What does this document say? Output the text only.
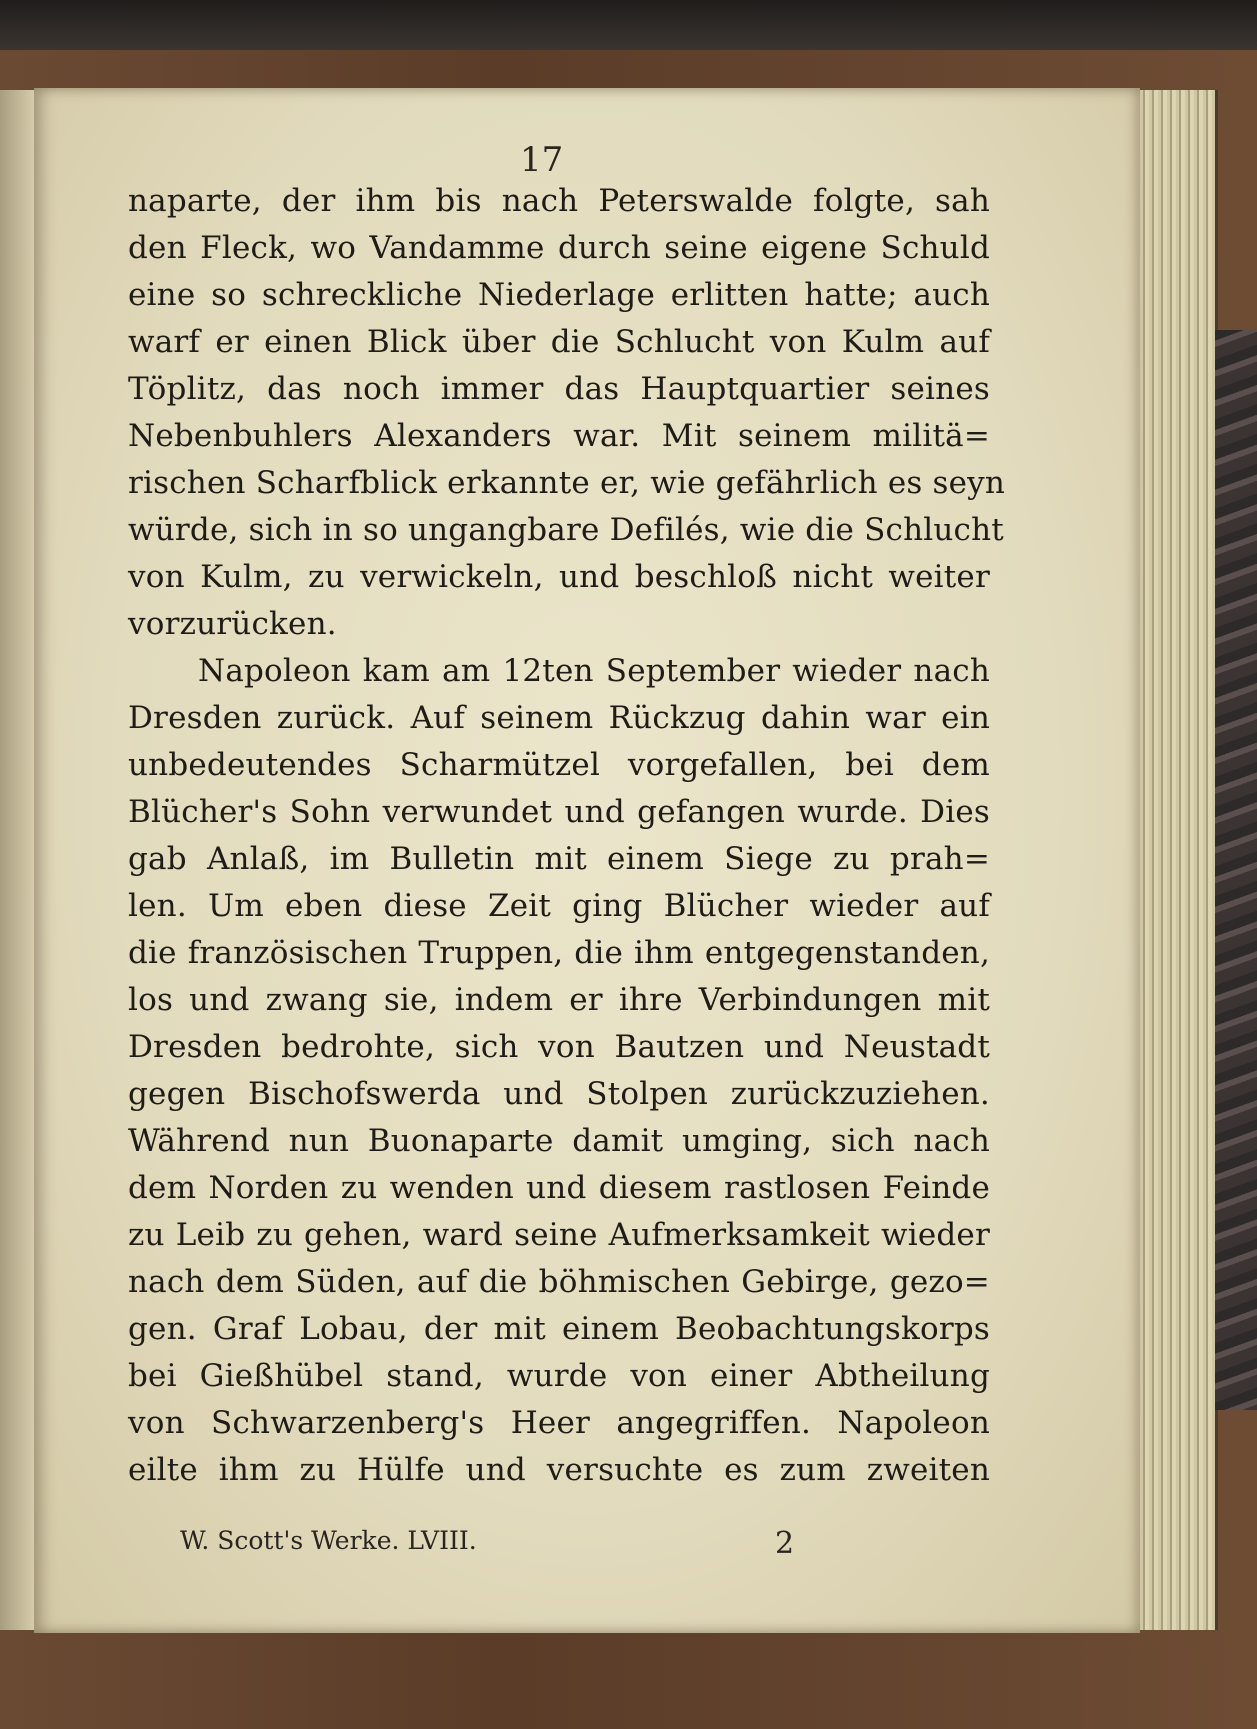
17
naparte, der ihm bis nach Peterswalde folgte, sah
den Fleck, wo Vandamme durch seine eigene Schuld
eine so schreckliche Niederlage erlitten hatte; auch
warf er einen Blick über die Schlucht von Kulm auf
Töplitz, das noch immer das Hauptquartier seines
Nebenbuhlers Alexanders war. Mit seinem militä=
rischen Scharfblick erkannte er, wie gefährlich es seyn
würde, sich in so ungangbare Defilés, wie die Schlucht
von Kulm, zu verwickeln, und beschloß nicht weiter
vorzurücken.
Napoleon kam am 12ten September wieder nach
Dresden zurück. Auf seinem Rückzug dahin war ein
unbedeutendes Scharmützel vorgefallen, bei dem
Blücher's Sohn verwundet und gefangen wurde. Dies
gab Anlaß, im Bulletin mit einem Siege zu prah=
len. Um eben diese Zeit ging Blücher wieder auf
die französischen Truppen, die ihm entgegenstanden,
los und zwang sie, indem er ihre Verbindungen mit
Dresden bedrohte, sich von Bautzen und Neustadt
gegen Bischofswerda und Stolpen zurückzuziehen.
Während nun Buonaparte damit umging, sich nach
dem Norden zu wenden und diesem rastlosen Feinde
zu Leib zu gehen, ward seine Aufmerksamkeit wieder
nach dem Süden, auf die böhmischen Gebirge, gezo=
gen. Graf Lobau, der mit einem Beobachtungskorps
bei Gießhübel stand, wurde von einer Abtheilung
von Schwarzenberg's Heer angegriffen. Napoleon
eilte ihm zu Hülfe und versuchte es zum zweiten
W. Scott's Werke. LVIII.	2
